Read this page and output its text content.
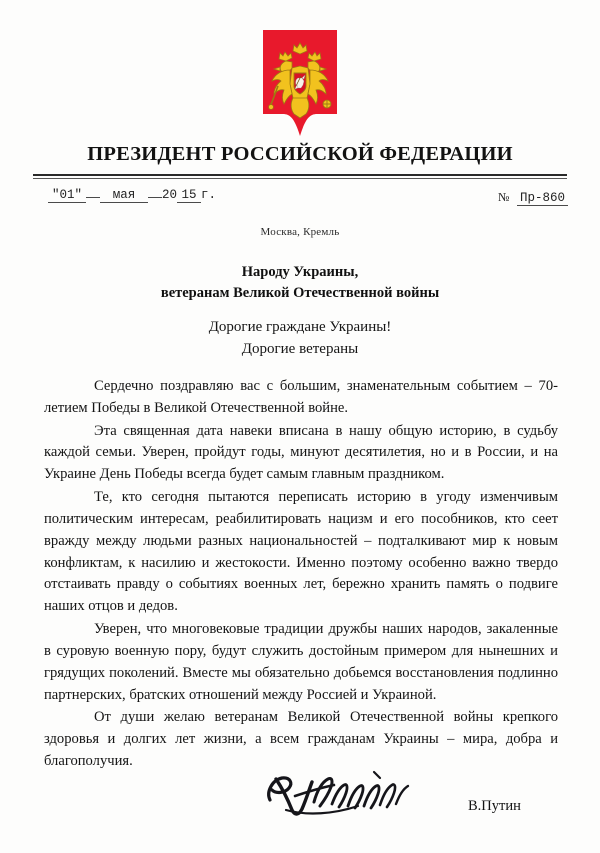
ПРЕЗИДЕНТ РОССИЙСКОЙ ФЕДЕРАЦИИ
"01" мая 20 15 г.	№ Пр-860
Москва, Кремль
Народу Украины,
ветеранам Великой Отечественной войны
Дорогие граждане Украины!
Дорогие ветераны

Сердечно поздравляю вас с большим, знаменательным событием – 70-летием Победы в Великой Отечественной войне.

Эта священная дата навеки вписана в нашу общую историю, в судьбу каждой семьи. Уверен, пройдут годы, минуют десятилетия, но и в России, и на Украине День Победы всегда будет самым главным праздником.

Те, кто сегодня пытаются переписать историю в угоду изменчивым политическим интересам, реабилитировать нацизм и его пособников, кто сеет вражду между людьми разных национальностей – подталкивают мир к новым конфликтам, к насилию и жестокости. Именно поэтому особенно важно твердо отстаивать правду о событиях военных лет, бережно хранить память о подвиге наших отцов и дедов.

Уверен, что многовековые традиции дружбы наших народов, закаленные в суровую военную пору, будут служить достойным примером для нынешних и грядущих поколений. Вместе мы обязательно добьемся восстановления подлинно партнерских, братских отношений между Россией и Украиной.

От души желаю ветеранам Великой Отечественной войны крепкого здоровья и долгих лет жизни, а всем гражданам Украины – мира, добра и благополучия.

В.Путин
